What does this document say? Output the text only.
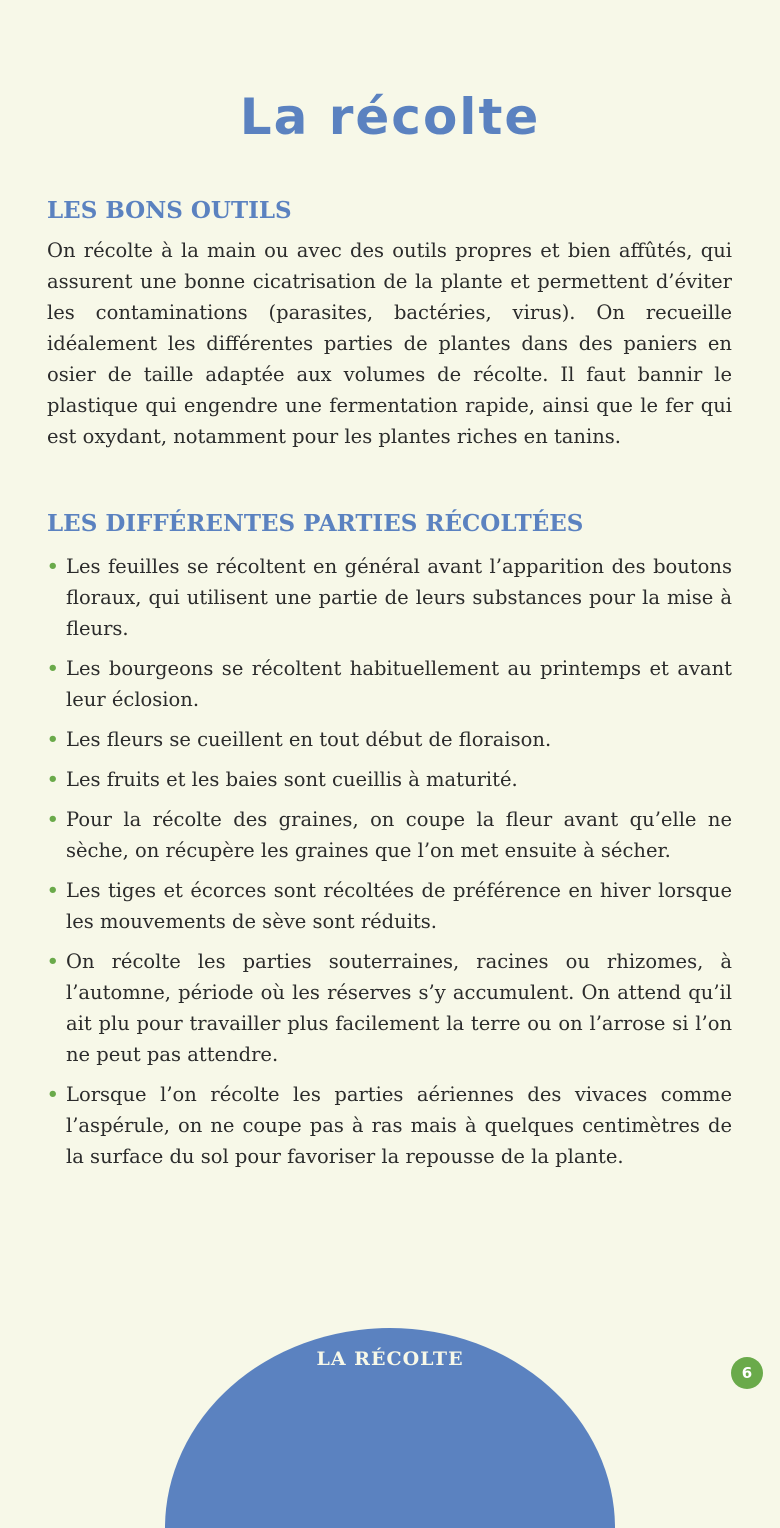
La récolte
LES BONS OUTILS

On récolte à la main ou avec des outils propres et bien affûtés, qui assurent une bonne cicatrisation de la plante et permettent d’éviter les contaminations (parasites, bactéries, virus). On recueille idéalement les différentes parties de plantes dans des paniers en osier de taille adaptée aux volumes de récolte. Il faut bannir le plastique qui engendre une fermentation rapide, ainsi que le fer qui est oxydant, notamment pour les plantes riches en tanins.

LES DIFFÉRENTES PARTIES RÉCOLTÉES
• Les feuilles se récoltent en général avant l’apparition des boutons floraux, qui utilisent une partie de leurs substances pour la mise à fleurs.
• Les bourgeons se récoltent habituellement au printemps et avant leur éclosion.
• Les fleurs se cueillent en tout début de floraison.
• Les fruits et les baies sont cueillis à maturité.
• Pour la récolte des graines, on coupe la fleur avant qu’elle ne sèche, on récupère les graines que l’on met ensuite à sécher.
• Les tiges et écorces sont récoltées de préférence en hiver lorsque les mouvements de sève sont réduits.
• On récolte les parties souterraines, racines ou rhizomes, à l’automne, période où les réserves s’y accumulent. On attend qu’il ait plu pour travailler plus facilement la terre ou on l’arrose si l’on ne peut pas attendre.
• Lorsque l’on récolte les parties aériennes des vivaces comme l’aspérule, on ne coupe pas à ras mais à quelques centimètres de la surface du sol pour favoriser la repousse de la plante.
LA RÉCOLTE
6
